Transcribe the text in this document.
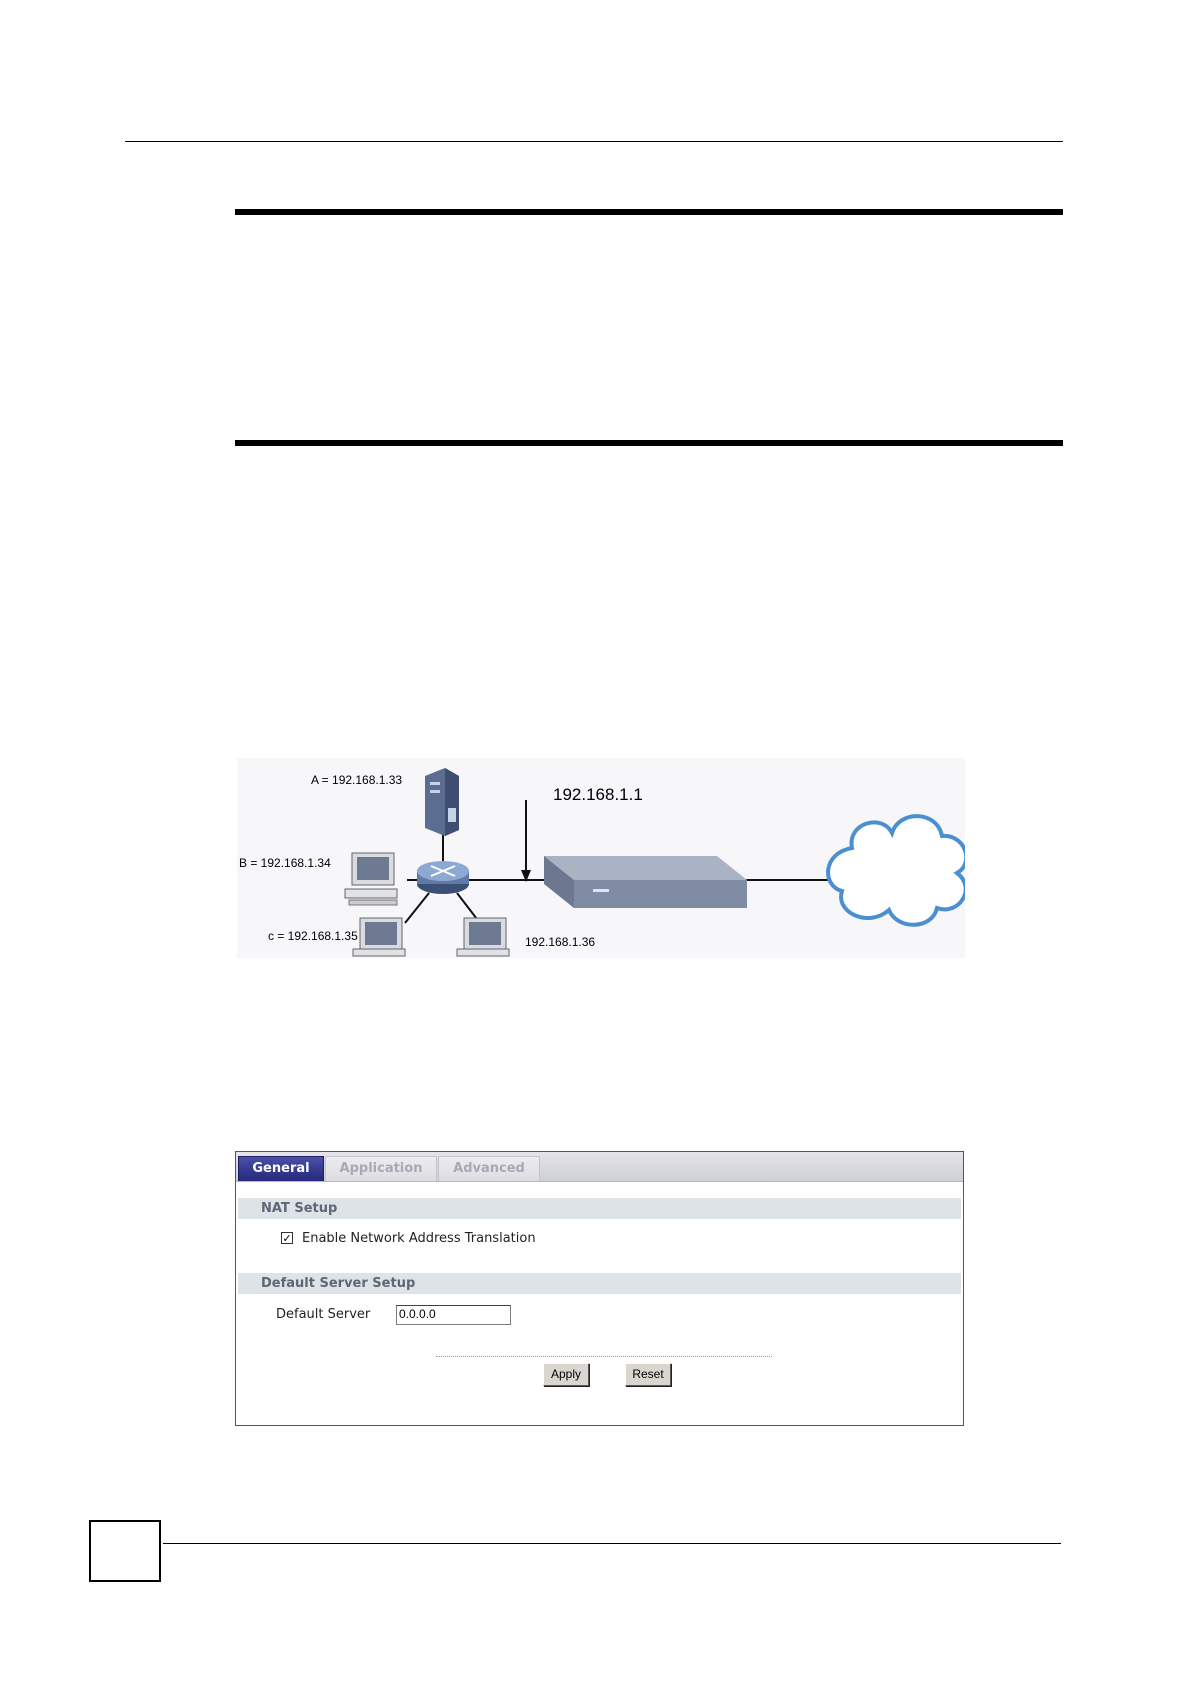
A = 192.168.1.33
B = 192.168.1.34
c = 192.168.1.35	192.168.1.36
192.168.1.1
General	Application	Advanced
NAT Setup
✓ Enable Network Address Translation
Default Server Setup
Default Server 0.0.0.0
Apply	Reset
